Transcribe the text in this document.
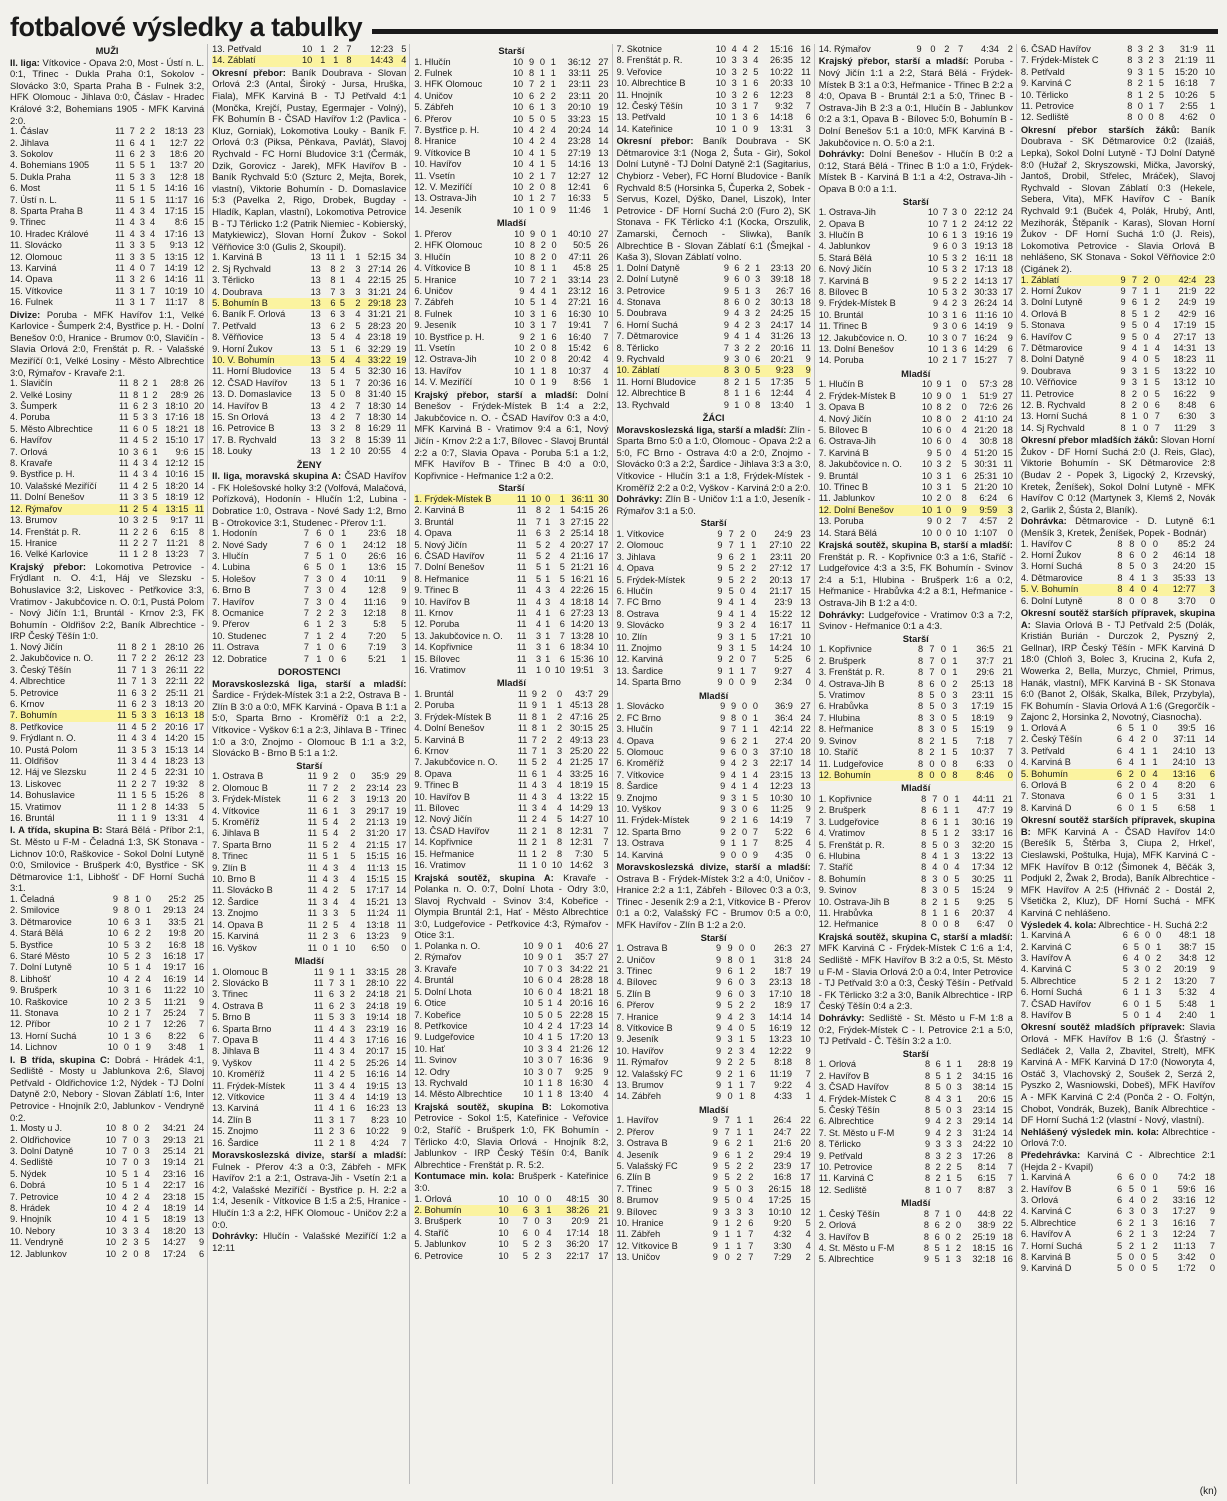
fotbalové výsledky a tabulky
MUŽI
II. liga: Vítkovice - Opava 2:0, Most - Ústí n. L. 0:1, Třinec - Dukla Praha 0:1, Sokolov - Slovácko 3:0, Sparta Praha B - Fulnek 3:2, HFK Olomouc - Jihlava 0:0, Čáslav - Hradec Králové 3:2, Bohemians 1905 - MFK Karviná 2:0.
1. Čáslav	11	7	2	2	18:13	23
2. Jihlava	11	6	4	1	12:7	22
3. Sokolov	11	6	2	3	18:6	20
4. Bohemians 1905	11	5	5	1	13:7	20
5. Dukla Praha	11	5	3	3	12:8	18
6. Most	11	5	1	5	14:16	16
7. Ústí n. L.	11	5	1	5	11:17	16
8. Sparta Praha B	11	4	3	4	17:15	15
9. Třinec	11	4	3	4	8:6	15
10. Hradec Králové	11	4	3	4	17:16	13
11. Slovácko	11	3	3	5	9:13	12
12. Olomouc	11	3	3	5	13:15	12
13. Karviná	11	4	0	7	14:19	12
14. Opava	11	3	2	6	14:16	11
15. Vítkovice	11	3	1	7	10:19	10
16. Fulnek	11	3	1	7	11:17	8
Divize: Poruba - MFK Havířov 1:1, Velké Karlovice - Šumperk 2:4, Bystřice p. H. - Dolní Benešov 0:0, Hranice - Brumov 0:0, Slavičín - Slavia Orlová 2:0, Frenštát p. R. - Valašské Meziříčí 0:1, Velké Losiny - Město Albrechtice 3:0, Rýmařov - Kravaře 2:1.
1. Slavičín	11	8	2	1	28:8	26
2. Velké Losiny	11	8	1	2	28:9	26
3. Šumperk	11	6	2	3	18:10	20
4. Poruba	11	5	3	3	17:16	18
5. Město Albrechtice	11	6	0	5	18:21	18
6. Havířov	11	4	5	2	15:10	17
7. Orlová	10	3	6	1	9:6	15
8. Kravaře	11	4	3	4	12:12	15
9. Bystřice p. H.	11	4	3	4	10:16	15
10. Valašské Meziříčí	11	4	2	5	18:20	14
11. Dolní Benešov	11	3	3	5	18:19	12
12. Rýmařov	11	2	5	4	13:15	11
13. Brumov	10	3	2	5	9:17	11
14. Frenštát p. R.	11	2	2	6	6:15	8
15. Hranice	11	2	2	7	11:21	8
16. Velké Karlovice	11	1	2	8	13:23	7
Krajský přebor: Lokomotiva Petrovice - Frýdlant n. O. 4:1, Háj ve Slezsku - Bohuslavice 3:2, Liskovec - Petřkovice 3:3, Vratimov - Jakubčovice n. O. 0:1, Pustá Polom - Nový Jičín 1:1, Bruntál - Krnov 2:3, FK Bohumín - Oldřišov 2:2, Baník Albrechtice - IRP Český Těšín 1:0.
1. Nový Jičín	11	8	2	1	28:10	26
2. Jakubčovice n. O.	11	7	2	2	26:12	23
3. Český Těšín	11	7	1	3	26:11	22
4. Albrechtice	11	7	1	3	22:11	22
5. Petrovice	11	6	3	2	25:11	21
6. Krnov	11	6	2	3	18:13	20
7. Bohumín	11	5	3	3	16:13	18
8. Petřkovice	11	4	5	2	20:16	17
9. Frýdlant n. O.	11	4	3	4	14:20	15
10. Pustá Polom	11	3	5	3	15:13	14
11. Oldřišov	11	3	4	4	18:23	13
12. Háj ve Slezsku	11	2	4	5	22:31	10
13. Liskovec	11	2	2	7	19:32	8
14. Bohuslavice	11	1	5	5	15:26	8
15. Vratimov	11	1	2	8	14:33	5
16. Bruntál	11	1	1	9	13:31	4
I. A třída, skupina B: Stará Bělá - Příbor 2:1, St. Město u F-M - Čeladná 1:3, SK Stonava - Lichnov 10:0, Raškovice - Sokol Dolní Lutyně 0:0, Smilovice - Brušperk 4:0, Bystřice - SK Dětmarovice 1:1, Libhošť - DF Horní Suchá 3:1.
1. Čeladná	9	8	1	0	25:2	25
2. Smilovice	9	8	0	1	29:13	24
3. Dětmarovice	10	6	3	1	33:5	21
4. Stará Bělá	10	6	2	2	19:8	20
5. Bystřice	10	5	3	2	16:8	18
6. Staré Město	10	5	2	3	16:18	17
7. Dolní Lutyně	10	5	1	4	19:17	16
8. Libhošť	10	4	2	4	16:19	14
9. Brušperk	10	3	1	6	11:22	10
10. Raškovice	10	2	3	5	11:21	9
11. Stonava	10	2	1	7	25:24	7
12. Příbor	10	2	1	7	12:26	7
13. Horní Suchá	10	1	3	6	8:22	6
14. Lichnov	10	0	1	9	3:48	1
I. B třída, skupina C: Dobrá - Hrádek 4:1, Sedliště - Mosty u Jablunkova 2:6, Slavoj Petřvald - Oldřichovice 1:2, Nýdek - TJ Dolní Datyně 2:0, Nebory - Slovan Záblatí 1:6, Inter Petrovice - Hnojník 2:0, Jablunkov - Vendryně 0:2.
1. Mosty u J.	10	8	0	2	34:21	24
2. Oldřichovice	10	7	0	3	29:13	21
3. Dolní Datyně	10	7	0	3	25:14	21
4. Sedliště	10	7	0	3	19:14	21
5. Nýdek	10	5	1	4	23:16	16
6. Dobrá	10	5	1	4	22:17	16
7. Petrovice	10	4	2	4	23:18	15
8. Hrádek	10	4	2	4	18:19	14
9. Hnojník	10	4	1	5	18:19	13
10. Nebory	10	3	3	4	18:20	13
11. Vendryně	10	2	3	5	14:27	9
12. Jablunkov	10	2	0	8	17:24	6
13. Petřvald	10	1	2	7	12:23	5
14. Záblatí	10	1	1	8	14:43	4
Okresní přebor: Baník Doubrava - Slovan Orlová 2:3 (Antal, Široký - Jursa, Hruška, Fiala), MFK Karviná B - TJ Petřvald 4:1 (Mončka, Krejčí, Pustay, Egermajer - Volný), FK Bohumín B - ČSAD Havířov 1:2 (Pavlica - Kluz, Gorniak), Lokomotiva Louky - Baník F. Orlová 0:3 (Piksa, Pěnkava, Pavlát), Slavoj Rychvald - FC Horní Bludovice 3:1 (Čermák, Dzik, Gorovicz - Jarek), MFK Havířov B - Baník Rychvald 5:0 (Szturc 2, Mejta, Borek, vlastní), Viktorie Bohumín - D. Domaslavice 5:3 (Pavelka 2, Rigo, Drobek, Bugday - Hladík, Kaplan, vlastní), Lokomotiva Petrovice B - TJ Těrlicko 1:2 (Patrik Niemiec - Kobierský, Matykiewicz), Slovan Horní Žukov - Sokol Věřňovice 3:0 (Gulis 2, Skoupil).
1. Karviná B	13	11	1	1	52:15	34
2. Sj Rychvald	13	8	2	3	27:14	26
3. Těrlicko	13	8	1	4	22:15	25
4. Doubrava	13	7	3	3	31:21	24
5. Bohumín B	13	6	5	2	29:18	23
6. Baník F. Orlová	13	6	3	4	31:21	21
7. Petřvald	13	6	2	5	28:23	20
8. Věřňovice	13	5	4	4	23:18	19
9. Horní Žukov	13	5	1	6	32:29	19
10. V. Bohumín	13	5	4	4	33:22	19
11. Horní Bludovice	13	5	4	5	32:30	16
12. ČSAD Havířov	13	5	1	7	20:36	16
13. D. Domaslavice	13	5	0	8	31:40	15
14. Havířov B	13	4	2	7	18:30	14
15. Sn Orlová	13	4	2	7	18:30	14
16. Petrovice B	13	3	2	8	16:29	11
17. B. Rychvald	13	3	2	8	15:39	11
18. Louky	13	1	2	10	20:55	4
ŽENY
II. liga, moravská skupina A: ČSAD Havířov - FK Holešovské holky 3:2 (Volfová, Malačová, Pořízková), Hodonín - Hlučín 1:2, Lubina - Dobratice 1:0, Ostrava - Nové Sady 1:2, Brno B - Otrokovice 3:1, Studenec - Přerov 1:1.
1. Hodonín	7	6	0	1	23:6	18
2. Nové Sady	7	6	0	1	24:12	18
3. Hlučín	7	5	1	0	26:6	16
4. Lubina	6	5	0	1	13:6	15
5. Holešov	7	3	0	4	10:11	9
6. Brno B	7	3	0	4	12:8	9
7. Havířov	7	3	0	4	11:16	9
8. Ocmanice	7	2	2	3	12:18	8
9. Přerov	6	1	2	3	5:8	5
10. Studenec	7	1	2	4	7:20	5
11. Ostrava	7	1	0	6	7:19	3
12. Dobratice	7	1	0	6	5:21	1
DOROSTENCI
Moravskoslezská liga, starší a mladší: Šardice - Frýdek-Místek 3:1 a 2:2, Ostrava B - Zlín B 3:0 a 0:0, MFK Karviná - Opava B 1:1 a 5:0, Sparta Brno - Kroměříž 0:1 a 2:2, Vítkovice - Vyškov 6:1 a 2:3, Jihlava B - Třinec 1:0 a 3:0, Znojmo - Olomouc B 1:1 a 3:2, Slovácko B - Brno B 5:1 a 1:2.
Starší
1. Ostrava B	11	9	2	0	35:9	29
2. Olomouc B	11	7	2	2	23:14	23
3. Frýdek-Místek	11	6	2	3	19:13	20
4. Vítkovice	11	6	1	3	29:17	19
5. Kroměříž	11	5	4	2	21:13	19
6. Jihlava B	11	5	4	2	31:20	17
7. Sparta Brno	11	5	2	4	21:15	17
8. Třinec	11	5	1	5	15:15	16
9. Zlín B	11	4	3	4	11:13	15
10. Brno B	11	4	3	4	15:15	15
11. Slovácko B	11	4	2	5	17:17	14
12. Šardice	11	3	4	4	15:21	13
13. Znojmo	11	3	3	5	11:24	11
14. Opava B	11	2	5	4	13:18	11
15. Karviná	11	2	3	6	13:23	9
16. Vyškov	11	0	1	10	6:50	0
Mladší
1. Olomouc B	11	9	1	1	33:15	28
2. Slovácko B	11	7	3	1	28:10	22
3. Třinec	11	6	3	2	24:18	21
4. Ostrava B	11	6	2	3	24:18	19
5. Brno B	11	5	3	3	19:14	18
6. Sparta Brno	11	4	4	3	23:19	16
7. Opava B	11	4	4	3	17:16	16
8. Jihlava B	11	4	3	4	20:17	15
9. Vyškov	11	4	2	5	25:26	14
10. Kroměříž	11	4	2	5	16:16	14
11. Frýdek-Místek	11	3	4	4	19:15	13
12. Vítkovice	11	3	4	4	14:19	13
13. Karviná	11	4	1	6	16:23	13
14. Zlín B	11	3	1	7	8:23	10
15. Znojmo	11	2	3	6	10:22	9
16. Šardice	11	2	1	8	4:24	7
Moravskoslezská divize, starší a mladší: Fulnek - Přerov 4:3 a 0:3, Zábřeh - MFK Havířov 2:1 a 2:1, Ostrava-Jih - Vsetín 2:1 a 4:2, Valašské Meziříčí - Bystřice p. H. 2:2 a 1:4, Jeseník - Vítkovice B 1:5 a 2:5, Hranice - Hlučín 1:3 a 2:2, HFK Olomouc - Uničov 2:2 a 0:0.
Dohrávky: Hlučín - Valašské Meziříčí 1:2 a 12:11
Starší
1. Hlučín	10	9	0	1	36:12	27
2. Fulnek	10	8	1	1	33:11	25
3. HFK Olomouc	10	7	2	1	23:11	23
4. Uničov	10	6	2	2	23:11	20
5. Zábřeh	10	6	1	3	20:10	19
6. Přerov	10	5	0	5	33:23	15
7. Bystřice p. H.	10	4	2	4	20:24	14
8. Hranice	10	4	2	4	23:28	14
9. Vítkovice B	10	4	1	5	27:19	13
10. Havířov	10	4	1	5	14:16	13
11. Vsetín	10	2	1	7	12:27	12
12. V. Meziříčí	10	2	0	8	12:41	6
13. Ostrava-Jih	10	1	2	7	16:33	5
14. Jeseník	10	1	0	9	11:46	1
Mladší
1. Přerov	10	9	0	1	40:10	27
2. HFK Olomouc	10	8	2	0	50:5	26
3. Hlučín	10	8	2	0	47:11	26
4. Vítkovice B	10	8	1	1	45:8	25
5. Hranice	10	7	2	1	33:14	23
6. Uničov	9	4	4	1	23:12	16
7. Zábřeh	10	5	1	4	27:21	16
8. Fulnek	10	3	1	6	16:30	10
9. Jeseník	10	3	1	7	19:41	7
10. Bystřice p. H.	9	2	1	6	16:40	7
11. Vsetín	10	2	0	8	15:42	6
12. Ostrava-Jih	10	2	0	8	20:42	4
13. Havířov	10	1	1	8	10:37	4
14. V. Meziříčí	10	0	1	9	8:56	1
Krajský přebor, starší a mladší: Dolní Benešov - Frýdek-Místek B 1:4 a 2:2, Jakubčovice n. O. - ČSAD Havířov 0:3 a 4:0, MFK Karviná B - Vratimov 9:4 a 6:1, Nový Jičín - Krnov 2:2 a 1:7, Bílovec - Slavoj Bruntál 2:2 a 0:7, Slavia Opava - Poruba 5:1 a 1:2, MFK Havířov B - Třinec B 4:0 a 0:0, Kopřivnice - Heřmanice 1:2 a 0:2.
Starší
1. Frýdek-Místek B	11	10	0	1	36:11	30
2. Karviná B	11	8	2	1	54:15	26
3. Bruntál	11	7	1	3	27:15	22
4. Opava	11	6	3	2	25:14	18
5. Nový Jičín	11	5	2	4	20:27	17
6. ČSAD Havířov	11	5	2	4	21:16	17
7. Dolní Benešov	11	5	1	5	21:21	16
8. Heřmanice	11	5	1	5	16:21	16
9. Třinec B	11	4	3	4	22:26	15
10. Havířov B	11	4	3	4	18:18	14
11. Krnov	11	4	1	6	27:23	13
12. Poruba	11	4	1	6	14:20	13
13. Jakubčovice n. O.	11	3	1	7	13:28	10
14. Kopřivnice	11	3	1	6	18:34	10
15. Bílovec	11	3	1	6	15:36	10
16. Vratimov	11	1	0	10	19:51	3
Mladší
1. Bruntál	11	9	2	0	43:7	29
2. Poruba	11	9	1	1	45:13	28
3. Frýdek-Místek B	11	8	1	2	47:16	25
4. Dolní Benešov	11	8	1	2	30:15	25
5. Karviná B	11	7	2	2	49:13	23
6. Krnov	11	7	1	3	25:20	22
7. Jakubčovice n. O.	11	5	2	4	21:25	17
8. Opava	11	6	1	4	33:25	16
9. Třinec B	11	4	3	4	18:19	15
10. Havířov B	11	4	3	4	13:22	15
11. Bílovec	11	3	4	4	14:29	13
12. Nový Jičín	11	2	4	5	14:27	10
13. ČSAD Havířov	11	2	1	8	12:31	7
14. Kopřivnice	11	2	1	8	12:31	7
15. Heřmanice	11	1	2	8	7:30	5
16. Vratimov	11	1	0	10	14:62	3
Krajská soutěž, skupina A: Kravaře - Polanka n. O. 0:7, Dolní Lhota - Odry 3:0, Slavoj Rychvald - Svinov 3:4, Kobeřice - Olympia Bruntál 2:1, Hať - Město Albrechtice 3:0, Ludgeřovice - Petřkovice 4:3, Rýmařov - Otice 3:1.
1. Polanka n. O.	10	9	0	1	40:6	27
2. Rýmařov	10	9	0	1	35:7	27
3. Kravaře	10	7	0	3	34:22	21
4. Bruntál	10	6	0	4	28:28	18
5. Dolní Lhota	10	6	0	4	18:21	18
6. Otice	10	5	1	4	20:16	16
7. Kobeřice	10	5	0	5	22:28	15
8. Petřkovice	10	4	2	4	17:23	14
9. Ludgeřovice	10	4	1	5	17:20	13
10. Hať	10	3	3	4	21:26	12
11. Svinov	10	3	0	7	16:36	9
12. Odry	10	3	0	7	9:25	9
13. Rychvald	10	1	1	8	16:30	4
14. Město Albrechtice	10	1	1	8	13:40	4
Krajská soutěž, skupina B: Lokomotiva Petrovice - Sokol 1:5, Kateřinice - Veřovice 0:2, Staříč - Brušperk 1:0, FK Bohumín - Těrlicko 4:0, Slavia Orlová - Hnojník 8:2, Jablunkov - IRP Český Těšín 0:4, Baník Albrechtice - Frenštát p. R. 5:2.
Kontumace min. kola: Brušperk - Kateřinice 3:0.
1. Orlová	10	10	0	0	48:15	30
2. Bohumín	10	6	3	1	38:26	21
3. Brušperk	10	7	0	3	20:9	21
4. Staříč	10	6	0	4	17:14	18
5. Jablunkov	10	5	2	3	36:20	17
6. Petrovice	10	5	2	3	22:17	17
7. Skotnice	10	4	4	2	15:16	16
8. Frenštát p. R.	10	3	3	4	26:35	12
9. Veřovice	10	3	2	5	10:22	11
10. Albrechtice B	10	3	1	6	20:33	10
11. Hnojník	10	3	2	6	12:23	8
12. Český Těšín	10	3	1	7	9:32	7
13. Petřvald	10	1	3	6	14:18	6
14. Kateřinice	10	1	0	9	13:31	3
Okresní přebor: Baník Doubrava - SK Dětmarovice 3:1 (Noga 2, Šuta - Gir), Sokol Dolní Lutyně - TJ Dolní Datyně 2:1 (Sagitarius, Chybiorz - Veber), FC Horní Bludovice - Baník Rychvald 8:5 (Horsinka 5, Čuperka 2, Sobek - Servus, Kozel, Dýško, Danel, Liszok), Inter Petrovice - DF Horní Suchá 2:0 (Furo 2), SK Stonava - FK Těrlicko 4:1 (Kocka, Orszulik, Zamarski, Černoch - Sliwka), Baník Albrechtice B - Slovan Záblatí 6:1 (Šmejkal - Kaša 3), Slovan Záblatí volno.
1. Dolní Datyně	9	6	2	1	23:13	20
2. Dolní Lutyně	9	6	0	3	39:18	18
3. Petrovice	9	5	1	3	26:7	16
4. Stonava	8	6	0	2	30:13	18
5. Doubrava	9	4	3	2	24:25	15
6. Horní Suchá	9	4	2	3	24:17	14
7. Dětmarovice	9	4	1	4	31:26	13
8. Těrlicko	7	3	2	2	20:16	11
9. Rychvald	9	3	0	6	20:21	9
10. Záblatí	8	3	0	5	9:23	9
11. Horní Bludovice	8	2	1	5	17:35	5
12. Albrechtice B	8	1	1	6	12:44	4
13. Rychvald	9	1	0	8	13:40	1
ŽÁCI
Moravskoslezská liga, starší a mladší: Zlín - Sparta Brno 5:0 a 1:0, Olomouc - Opava 2:2 a 5:0, FC Brno - Ostrava 4:0 a 2:0, Znojmo - Slovácko 0:3 a 2:2, Šardice - Jihlava 3:3 a 3:0, Vítkovice - Hlučín 3:1 a 1:8, Frýdek-Místek - Kroměříž 2:2 a 0:2, Vyškov - Karviná 2:0 a 2:0.
Dohrávky: Zlín B - Uničov 1:1 a 1:0, Jeseník - Rýmařov 3:1 a 5:0.
Starší
1. Vítkovice	9	7	2	0	24:9	23
2. Olomouc	9	7	1	1	27:10	22
3. Jihlava	9	6	2	1	23:11	20
4. Opava	9	5	2	2	27:12	17
5. Frýdek-Místek	9	5	2	2	20:13	17
6. Hlučín	9	5	0	4	21:17	15
7. FC Brno	9	4	1	4	23:9	13
8. Ostrava	9	4	1	4	15:22	12
9. Slovácko	9	3	2	4	16:17	11
10. Zlín	9	3	1	5	17:21	10
11. Znojmo	9	3	1	5	14:24	10
12. Karviná	9	2	0	7	5:25	6
13. Šardice	9	1	1	7	9:27	4
14. Sparta Brno	9	0	0	9	2:34	0
Mladší
1. Slovácko	9	9	0	0	36:9	27
2. FC Brno	9	8	0	1	36:4	24
3. Hlučín	9	7	1	1	42:14	22
4. Opava	9	6	2	1	27:4	20
5. Olomouc	9	6	0	3	37:10	18
6. Kroměříž	9	4	2	3	22:17	14
7. Vítkovice	9	4	1	4	23:15	13
8. Šardice	9	4	1	4	12:23	13
9. Znojmo	9	3	1	5	10:30	10
10. Vyškov	9	3	0	6	11:25	9
11. Frýdek-Místek	9	2	1	6	14:19	7
12. Sparta Brno	9	2	0	7	5:22	6
13. Ostrava	9	1	1	7	8:25	4
14. Karviná	9	0	0	9	4:35	0
Moravskoslezská divize, starší a mladší: Ostrava B - Frýdek-Místek 3:2 a 4:0, Uničov - Hranice 2:2 a 1:1, Zábřeh - Bílovec 0:3 a 0:3, Třinec - Jeseník 2:9 a 2:1, Vítkovice B - Přerov 0:1 a 0:2, Valašský FC - Brumov 0:5 a 0:0, MFK Havířov - Zlín B 1:2 a 2:0.
Starší
1. Ostrava B	9	9	0	0	26:3	27
2. Uničov	9	8	0	1	31:8	24
3. Třinec	9	6	1	2	18:7	19
4. Bílovec	9	6	0	3	23:13	18
5. Zlín B	9	6	0	3	17:10	18
6. Přerov	9	5	2	2	18:9	17
7. Hranice	9	4	2	3	14:14	14
8. Vítkovice B	9	4	0	5	16:19	12
9. Jeseník	9	3	1	5	13:23	10
10. Havířov	9	2	3	4	12:22	9
11. Rýmařov	9	2	2	5	8:18	8
12. Valašský FC	9	2	1	6	11:19	7
13. Brumov	9	1	1	7	9:22	4
14. Zábřeh	9	0	1	8	4:33	1
Mladší
1. Havířov	9	7	1	1	26:4	22
2. Přerov	9	7	1	1	24:7	22
3. Ostrava B	9	6	2	1	21:6	20
4. Jeseník	9	6	1	2	29:4	19
5. Valašský FC	9	5	2	2	23:9	17
6. Zlín B	9	5	2	2	16:8	17
7. Třinec	9	5	0	3	26:15	18
8. Brumov	9	5	0	4	17:25	15
9. Bílovec	9	3	3	3	10:10	12
10. Hranice	9	1	2	6	9:20	5
11. Zábřeh	9	1	1	7	4:32	4
12. Vítkovice B	9	1	1	7	3:30	4
13. Uničov	9	0	2	7	7:29	2
14. Rýmařov	9	0	2	7	4:34	2
Krajský přebor, starší a mladší: Poruba - Nový Jičín 1:1 a 2:2, Stará Bělá - Frýdek-Místek B 3:1 a 0:3, Heřmanice - Třinec B 2:2 a 4:0, Opava B - Bruntál 2:1 a 5:0, Třinec B - Ostrava-Jih B 2:3 a 0:1, Hlučín B - Jablunkov 0:2 a 3:1, Opava B - Bílovec 5:0, Bohumín B - Dolní Benešov 5:1 a 10:0, MFK Karviná B - Jakubčovice n. O. 5:0 a 2:1.
Dohrávky: Dolní Benešov - Hlučín B 0:2 a 0:12, Stará Bělá - Třinec B 1:0 a 1:0, Frýdek-Místek B - Karviná B 1:1 a 4:2, Ostrava-Jih - Opava B 0:0 a 1:1.
Starší
1. Ostrava-Jih	10	7	3	0	22:12	24
2. Opava B	10	7	1	2	24:12	22
3. Hlučín B	10	6	1	3	19:16	19
4. Jablunkov	9	6	0	3	19:13	18
5. Stará Bělá	10	5	3	2	16:11	18
6. Nový Jičín	10	5	3	2	17:13	18
7. Karviná B	9	5	2	2	14:13	17
8. Bílovec B	10	5	3	2	30:33	17
9. Frýdek-Místek B	9	4	2	3	26:24	14
10. Bruntál	10	3	1	6	11:16	10
11. Třinec B	9	3	0	6	14:19	9
12. Jakubčovice n. O.	10	3	0	7	16:24	9
13. Dolní Benešov	10	1	3	6	14:29	6
14. Poruba	10	2	1	7	15:27	7
Mladší
1. Hlučín B	10	9	1	0	57:3	28
2. Frýdek-Místek B	10	9	0	1	51:9	27
3. Opava B	10	8	2	0	72:6	26
4. Nový Jičín	10	8	0	2	41:10	24
5. Bílovec B	10	6	0	4	21:20	18
6. Ostrava-Jih	10	6	0	4	30:8	18
7. Karviná B	9	5	0	4	51:20	15
8. Jakubčovice n. O.	10	3	2	5	30:31	11
9. Bruntál	10	3	1	6	25:31	10
10. Třinec B	10	3	1	5	21:20	10
11. Jablunkov	10	2	0	8	6:24	6
12. Dolní Benešov	10	1	0	9	9:59	3
13. Poruba	9	0	2	7	4:57	2
14. Stará Bělá	10	0	0	10	1:107	0
Krajská soutěž, skupina B, starší a mladší: Frenštát p. R. - Kopřivnice 0:3 a 1:6, Staříč - Ludgeřovice 4:3 a 3:5, FK Bohumín - Svinov 2:4 a 5:1, Hlubina - Brušperk 1:6 a 0:2, Heřmanice - Hrabůvka 4:2 a 8:1, Heřmanice - Ostrava-Jih B 1:2 a 4:0.
Dohrávky: Ludgeřovice - Vratimov 0:3 a 7:2, Svinov - Heřmanice 0:1 a 4:3.
Starší
1. Kopřivnice	8	7	0	1	36:5	21
2. Brušperk	8	7	0	1	37:7	21
3. Frenštát p. R.	8	7	0	1	29:6	21
4. Ostrava-Jih B	8	6	0	2	25:13	18
5. Vratimov	8	5	0	3	23:11	15
6. Hrabůvka	8	5	0	3	17:19	15
7. Hlubina	8	3	0	5	18:19	9
8. Heřmanice	8	3	0	5	15:19	9
9. Svinov	8	2	1	5	7:18	7
10. Staříč	8	2	1	5	10:37	7
11. Ludgeřovice	8	0	0	8	6:33	0
12. Bohumín	8	0	0	8	8:46	0
Mladší
1. Kopřivnice	8	7	0	1	44:11	21
2. Brušperk	8	6	1	1	47:7	19
3. Ludgeřovice	8	6	1	1	30:16	19
4. Vratimov	8	5	1	2	33:17	16
5. Frenštát p. R.	8	5	0	3	32:20	15
6. Hlubina	8	4	1	3	13:22	13
7. Staříč	8	4	0	4	17:34	12
8. Bohumín	8	3	0	5	30:25	11
9. Svinov	8	3	0	5	15:24	9
10. Ostrava-Jih B	8	2	1	5	9:25	5
11. Hrabůvka	8	1	1	6	20:37	4
12. Heřmanice	8	0	0	8	6:47	0
Krajská soutěž, skupina C, starší a mladší: MFK Karviná C - Frýdek-Místek C 1:6 a 1:4, Sedliště - MFK Havířov B 3:2 a 0:5, St. Město u F-M - Slavia Orlová 2:0 a 0:4, Inter Petrovice - TJ Petřvald 3:0 a 0:3, Český Těšín - Petřvald - FK Těrlicko 3:2 a 3:0, Baník Albrechtice - IRP Český Těšín 0:4 a 2:3.
Dohrávky: Sedliště - St. Město u F-M 1:8 a 0:2, Frýdek-Místek C - I. Petrovice 2:1 a 5:0, TJ Petřvald - Č. Těšín 3:2 a 1:0.
Starší
1. Orlová	8	6	1	1	28:8	19
2. Havířov B	8	5	1	2	34:15	16
3. ČSAD Havířov	8	5	0	3	38:14	15
4. Frýdek-Místek C	8	4	3	1	20:6	15
5. Český Těšín	8	5	0	3	23:14	15
6. Albrechtice	9	4	2	3	29:14	14
7. St. Město u F-M	9	4	2	3	31:24	14
8. Těrlicko	9	3	3	3	24:22	10
9. Petřvald	8	3	2	3	17:26	8
10. Petrovice	8	2	2	5	8:14	7
11. Karviná C	8	2	1	5	6:15	7
12. Sedliště	8	1	0	7	8:87	3
Mladší
1. Český Těšín	8	7	1	0	44:8	22
2. Orlová	8	6	2	0	38:9	22
3. Havířov B	8	6	0	2	25:19	18
4. St. Město u F-M	8	5	1	2	18:15	16
5. Albrechtice	9	5	1	3	32:18	16
6. ČSAD Havířov	8	3	2	3	31:9	11
7. Frýdek-Místek C	8	3	2	3	21:19	11
8. Petřvald	9	3	1	5	15:20	10
9. Karviná C	8	2	1	5	16:18	7
10. Těrlicko	8	1	2	5	10:26	5
11. Petrovice	8	0	1	7	2:55	1
12. Sedliště	8	0	0	8	4:62	0
Okresní přebor starších žáků: Baník Doubrava - SK Dětmarovice 0:2 (Izaiáš, Lepka), Sokol Dolní Lutyně - TJ Dolní Datyně 8:0 (Hužař 2, Skryszowski, Mička, Javorský, Jantoš, Drobil, Střelec, Mráček), Slavoj Rychvald - Slovan Záblatí 0:3 (Hekele, Sebera, Vita), MFK Havířov C - Baník Rychvald 9:1 (Buček 4, Polák, Hrubý, Antl, Mezihorák, Štěpaník - Karas), Slovan Horní Žukov - DF Horní Suchá 1:0 (J. Reis), Lokomotiva Petrovice - Slavia Orlová B nehlášeno, SK Stonava - Sokol Věřňovice 2:0 (Cigánek 2).
1. Záblatí	9	7	2	0	42:4	23
2. Horní Žukov	9	7	1	1	21:9	22
3. Dolní Lutyně	9	6	1	2	24:9	19
4. Orlová B	8	5	1	2	42:9	16
5. Stonava	9	5	0	4	17:19	15
6. Havířov C	9	5	0	4	27:17	13
7. Dětmarovice	9	4	1	4	14:31	13
8. Dolní Datyně	9	4	0	5	18:23	11
9. Doubrava	9	3	1	5	13:22	10
10. Věřňovice	9	3	1	5	13:12	10
11. Petrovice	8	2	0	5	16:22	9
12. B. Rychvald	8	2	0	6	8:48	6
13. Horní Suchá	8	1	0	7	6:30	3
14. Sj Rychvald	8	1	0	7	11:29	3
Okresní přebor mladších žáků: Slovan Horní Žukov - DF Horní Suchá 2:0 (J. Reis, Glac), Viktorie Bohumín - SK Dětmarovice 2:8 (Budav 2 - Popek 3, Ligocký 2, Krzevský, Kretek, Ženíšek), Sokol Dolní Lutyně - MFK Havířov C 0:12 (Martynek 3, Klemš 2, Novák 2, Garlik 2, Šústa 2, Blaník).
Dohrávka: Dětmarovice - D. Lutyně 6:1 (Menšík 3, Kretek, Ženíšek, Popek - Bodnár)
1. Havířov C	8	8	0	0	85:2	24
2. Horní Žukov	8	6	0	2	46:14	18
3. Horní Suchá	8	5	0	3	24:20	15
4. Dětmarovice	8	4	1	3	35:33	13
5. V. Bohumín	8	4	0	4	12:77	3
6. Dolní Lutyně	8	0	0	8	3:70	0
Okresní soutěž starších přípravek, skupina A: Slavia Orlová B - TJ Petřvald 2:5 (Dolák, Kristián Burián - Durczok 2, Pyszný 2, Gellnar), IRP Český Těšín - MFK Karviná D 18:0 (Chloň 3, Bolec 3, Krucina 2, Kufa 2, Wowerka 2, Bella, Murzyc, Chmiel, Primus, Hanák, vlastní), MFK Karviná B - SK Stonava 6:0 (Banot 2, Olšák, Skalka, Bílek, Przybyla), FK Bohumín - Slavia Orlová A 1:6 (Gregorčík - Zajonc 2, Horsinka 2, Novotný, Ciasnocha).
1. Orlová A	6	5	1	0	39:5	16
2. Český Těšín	6	4	2	0	37:11	14
3. Petřvald	6	4	1	1	24:10	13
4. Karviná B	6	4	1	1	24:10	13
5. Bohumín	6	2	0	4	13:16	6
6. Orlová B	6	2	0	4	8:20	6
7. Stonava	6	0	1	5	3:31	1
8. Karviná D	6	0	1	5	6:58	1
Okresní soutěž starších přípravek, skupina B: MFK Karviná A - ČSAD Havířov 14:0 (Berešík 5, Štěrba 3, Ciupa 2, Hrkel', Cieslawski, Poštulka, Huja), MFK Karviná C - MFK Havířov B 0:12 (Šimonek 4, Běčák 3, Podjukl 2, Žwak 2, Broda), Baník Albrechtice - MFK Havířov A 2:5 (Hřivnáč 2 - Dostál 2, Všetička 2, Kluz), DF Horní Suchá - MFK Karviná C nehlášeno.
Výsledek 4. kola: Albrechtice - H. Suchá 2:2
1. Karviná A	6	6	0	0	48:1	18
2. Karviná C	6	5	0	1	38:7	15
3. Havířov A	6	4	0	2	34:8	12
4. Karviná C	5	3	0	2	20:19	9
5. Albrechtice	5	2	1	2	13:20	7
6. Horní Suchá	6	1	1	3	5:32	4
7. ČSAD Havířov	6	0	1	5	5:48	1
8. Havířov B	5	0	1	4	2:40	1
Okresní soutěž mladších přípravek: Slavia Orlová - MFK Havířov B 1:6 (J. Šťastný - Sedláček 2, Valla 2, Zbavitel, Strelt), MFK Karviná A - MFK Karviná D 17:0 (Noworyta 4, Ostáč 3, Vlachovský 2, Soušek 2, Serzá 2, Pyszko 2, Wasniowski, Dobeš), MFK Havířov A - MFK Karviná C 2:4 (Ponča 2 - O. Foltýn, Chobot, Vondrák, Buzek), Baník Albrechtice - DF Horní Suchá 1:2 (vlastní - Nový, vlastní).
Nehlášený výsledek min. kola: Albrechtice - Orlová 7:0.
Předehrávka: Karviná C - Albrechtice 2:1 (Hejda 2 - Kvapil)
1. Karviná A	6	6	0	0	74:2	18
2. Havířov B	6	5	0	1	59:6	16
3. Orlová	6	4	0	2	33:16	12
4. Karviná C	6	3	0	3	17:27	9
5. Albrechtice	6	2	1	3	16:16	7
6. Havířov A	6	2	1	3	12:24	7
7. Horní Suchá	5	2	1	2	11:13	7
8. Karviná B	5	0	0	5	3:42	0
9. Karviná D	5	0	0	5	1:72	0
(kn)
